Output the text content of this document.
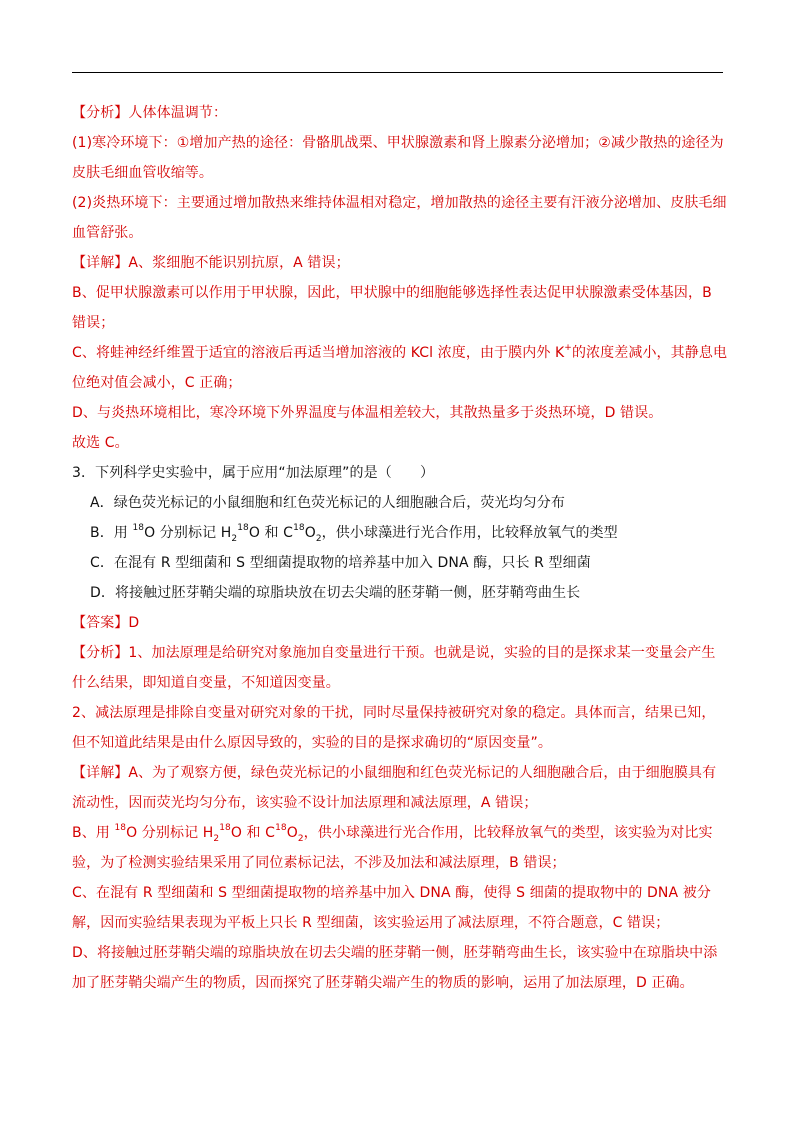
【分析】人体体温调节：

(1)寒冷环境下：①增加产热的途径：骨骼肌战栗、甲状腺激素和肾上腺素分泌增加；②减少散热的途径为皮肤毛细血管收缩等。

(2)炎热环境下：主要通过增加散热来维持体温相对稳定，增加散热的途径主要有汗液分泌增加、皮肤毛细血管舒张。

【详解】A、浆细胞不能识别抗原，A 错误；

B、促甲状腺激素可以作用于甲状腺，因此，甲状腺中的细胞能够选择性表达促甲状腺激素受体基因，B 错误；

C、将蛙神经纤维置于适宜的溶液后再适当增加溶液的 KCl 浓度，由于膜内外 K+的浓度差减小，其静息电位绝对值会减小，C 正确；

D、与炎热环境相比，寒冷环境下外界温度与体温相差较大，其散热量多于炎热环境，D 错误。

故选 C。

3．下列科学史实验中，属于应用“加法原理”的是（　　）

A．绿色荧光标记的小鼠细胞和红色荧光标记的人细胞融合后，荧光均匀分布

B．用 $^{18}$O 分别标记 $H_2^{18}O$ 和 $C^{18}O_2$，供小球藻进行光合作用，比较释放氧气的类型

C．在混有 R 型细菌和 S 型细菌提取物的培养基中加入 DNA 酶，只长 R 型细菌

D．将接触过胚芽鞘尖端的琼脂块放在切去尖端的胚芽鞘一侧，胚芽鞘弯曲生长

【答案】D

【分析】1、加法原理是给研究对象施加自变量进行干预。也就是说，实验的目的是探求某一变量会产生什么结果，即知道自变量，不知道因变量。

2、减法原理是排除自变量对研究对象的干扰，同时尽量保持被研究对象的稳定。具体而言，结果已知，但不知道此结果是由什么原因导致的，实验的目的是探求确切的“原因变量”。

【详解】A、为了观察方便，绿色荧光标记的小鼠细胞和红色荧光标记的人细胞融合后，由于细胞膜具有流动性，因而荧光均匀分布，该实验不设计加法原理和减法原理，A 错误；

B、用 $^{18}$O 分别标记 $H_2^{18}O$ 和 $C^{18}O_2$，供小球藻进行光合作用，比较释放氧气的类型，该实验为对比实验，为了检测实验结果采用了同位素标记法，不涉及加法和减法原理，B 错误；

C、在混有 R 型细菌和 S 型细菌提取物的培养基中加入 DNA 酶，使得 S 细菌的提取物中的 DNA 被分解，因而实验结果表现为平板上只长 R 型细菌，该实验运用了减法原理，不符合题意，C 错误；

D、将接触过胚芽鞘尖端的琼脂块放在切去尖端的胚芽鞘一侧，胚芽鞘弯曲生长，该实验中在琼脂块中添加了胚芽鞘尖端产生的物质，因而探究了胚芽鞘尖端产生的物质的影响，运用了加法原理，D 正确。
